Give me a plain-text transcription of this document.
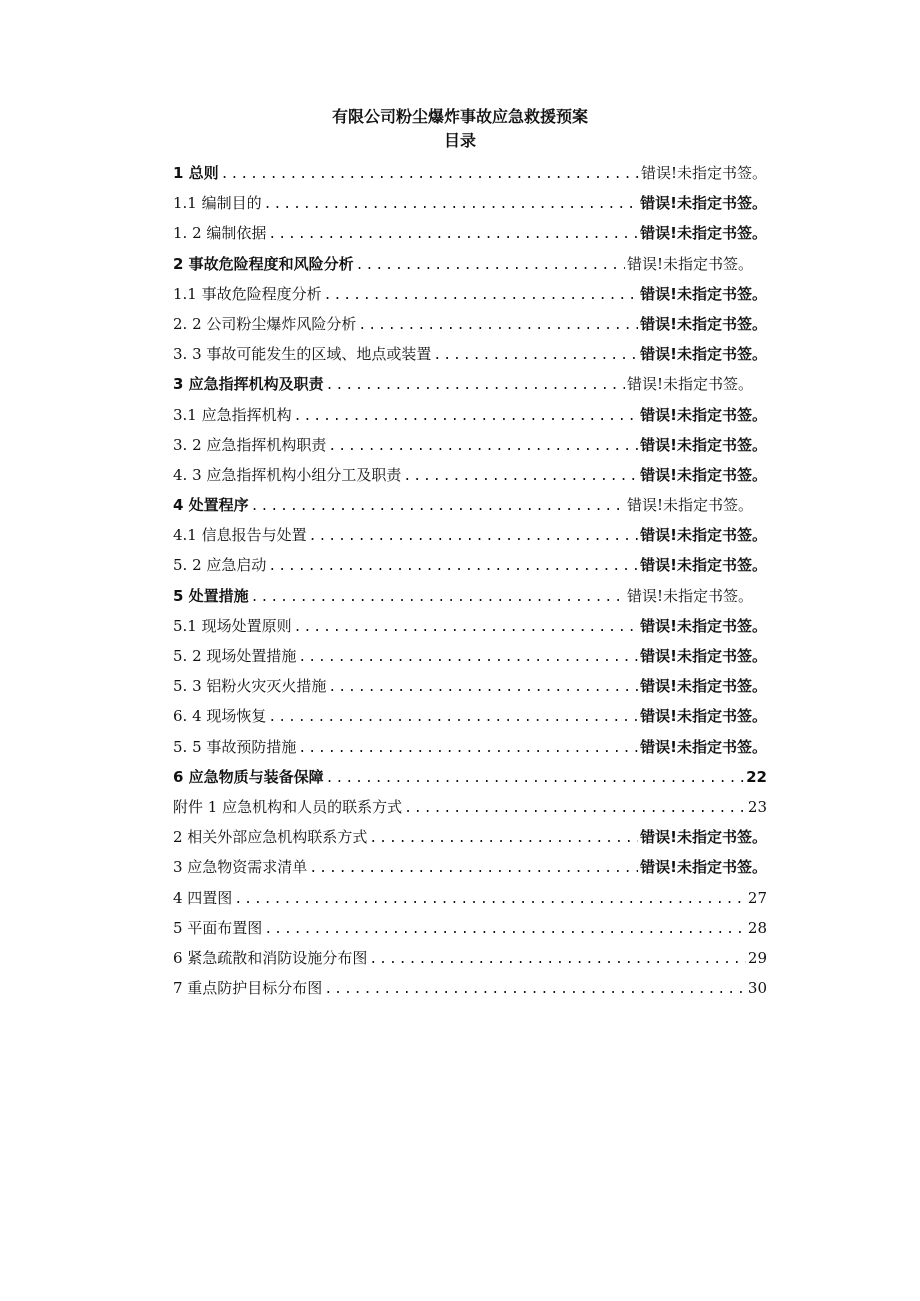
有限公司粉尘爆炸事故应急救援预案
目录
1 总则 .....	错误!未指定书签。
1.1 编制目的 .....	错误!未指定书签。
1. 2 编制依据 .....	错误!未指定书签。
2 事故危险程度和风险分析 .....	错误!未指定书签。
1.1 事故危险程度分析 .....	错误!未指定书签。
2. 2 公司粉尘爆炸风险分析 .....	错误!未指定书签。
3. 3 事故可能发生的区域、地点或装置 .....	错误!未指定书签。
3 应急指挥机构及职责 .....	错误!未指定书签。
3.1 应急指挥机构 .....	错误!未指定书签。
3. 2 应急指挥机构职责 .....	错误!未指定书签。
4. 3 应急指挥机构小组分工及职责 .....	错误!未指定书签。
4 处置程序 .....	错误!未指定书签。
4.1 信息报告与处置 .....	错误!未指定书签。
5. 2 应急启动 .....	错误!未指定书签。
5 处置措施 .....	错误!未指定书签。
5.1 现场处置原则 .....	错误!未指定书签。
5. 2 现场处置措施 .....	错误!未指定书签。
5. 3 铝粉火灾灭火措施 .....	错误!未指定书签。
6. 4 现场恢复 .....	错误!未指定书签。
5. 5 事故预防措施 .....	错误!未指定书签。
6 应急物质与装备保障 .....	22
附件 1 应急机构和人员的联系方式 .....	23
2 相关外部应急机构联系方式 .....	错误!未指定书签。
3 应急物资需求清单 .....	错误!未指定书签。
4 四置图 .....	27
5 平面布置图 .....	28
6 紧急疏散和消防设施分布图 .....	29
7 重点防护目标分布图 .....	30
